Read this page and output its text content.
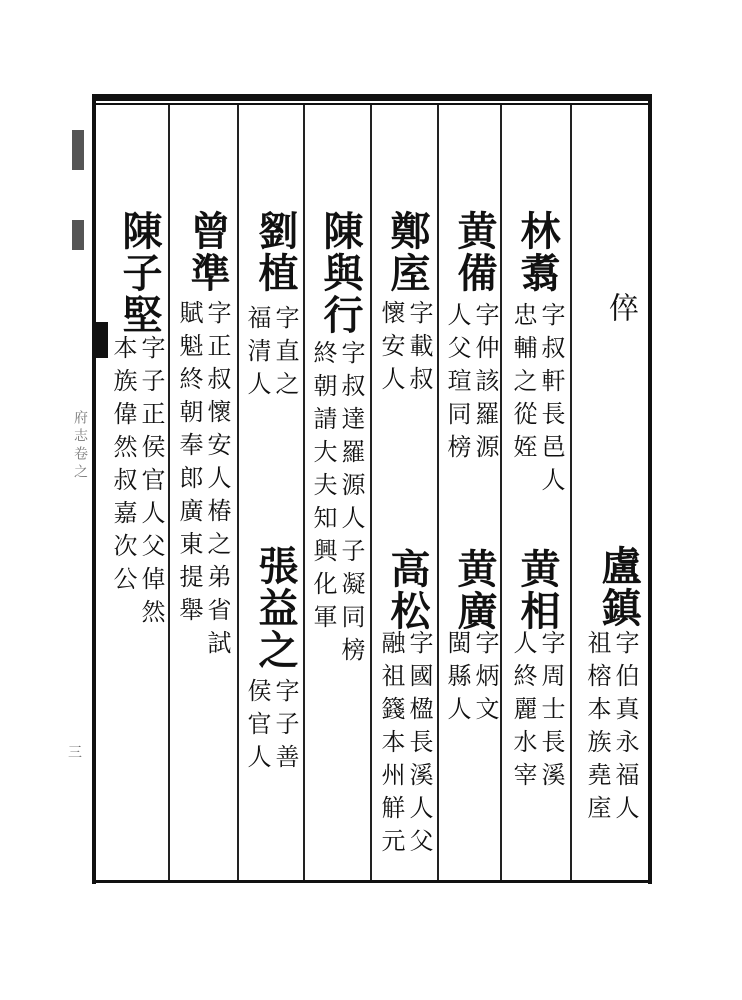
府志卷之
三
倅
盧鎮
字伯真永福人
祖榕本族堯庢
林翥
字叔軒長邑人
忠輔之從姪
黄相
字周士長溪
人終麗水宰
黄備
字仲該羅源
人父瑄同榜
黄廣
字炳文
閩縣人
鄭庢
字載叔
懷安人
高松
字國楹長溪人父
融祖籛本州觧元
陳與行
字叔達羅源人子凝同榜
終朝請大夫知興化軍
劉植
字直之
福清人
張益之
字子善
侯官人
曾準
字正叔懷安人椿之弟省試
賦魁終朝奉郎廣東提舉
陳子堅
字子正侯官人父倬然
本族偉然叔嘉次公
